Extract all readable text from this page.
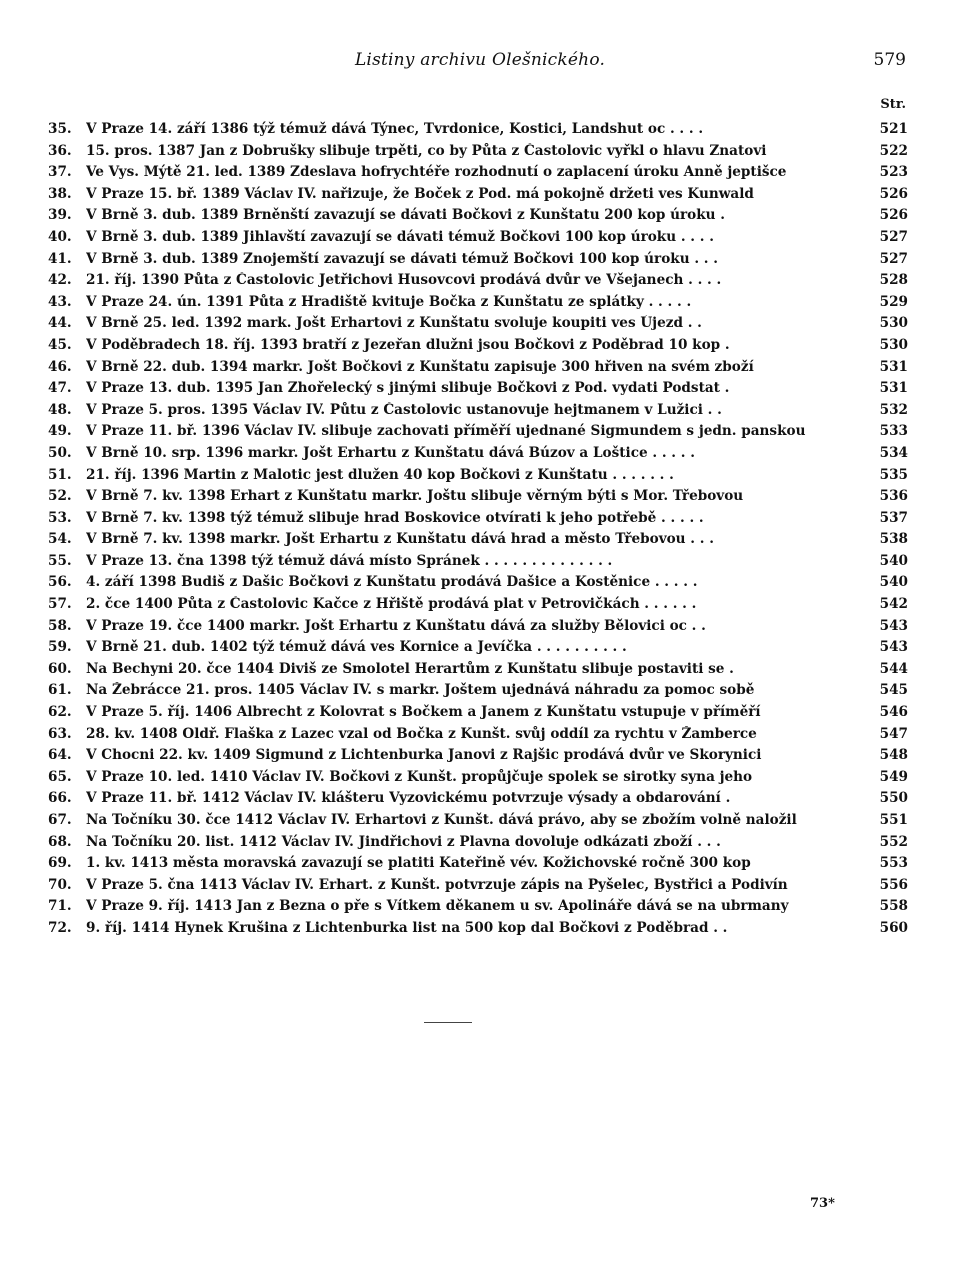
Listiny archivu Olešnického.	579
Str.
35.	V Praze 14. září 1386 týž témuž dává Týnec, Tvrdonice, Kostici, Landshut oc . . . .	521
36.	15. pros. 1387 Jan z Dobrušky slibuje trpěti, co by Půta z Častolovic vyřkl o hlavu Znatovi	522
37.	Ve Vys. Mýtě 21. led. 1389 Zdeslava hofrychtéře rozhodnutí o zaplacení úroku Anně jeptišce	523
38.	V Praze 15. bř. 1389 Václav IV. nařizuje, že Boček z Pod. má pokojně držeti ves Kunwald	526
39.	V Brně 3. dub. 1389 Brněnští zavazují se dávati Bočkovi z Kunštatu 200 kop úroku .	526
40.	V Brně 3. dub. 1389 Jihlavští zavazují se dávati témuž Bočkovi 100 kop úroku . . . .	527
41.	V Brně 3. dub. 1389 Znojemští zavazují se dávati témuž Bočkovi 100 kop úroku . . .	527
42.	21. říj. 1390 Půta z Častolovic Jetřichovi Husovcovi prodává dvůr ve Všejanech . . . .	528
43.	V Praze 24. ún. 1391 Půta z Hradiště kvituje Bočka z Kunštatu ze splátky . . . . .	529
44.	V Brně 25. led. 1392 mark. Jošt Erhartovi z Kunštatu svoluje koupiti ves Újezd . .	530
45.	V Poděbradech 18. říj. 1393 bratří z Jezeřan dlužni jsou Bočkovi z Poděbrad 10 kop .	530
46.	V Brně 22. dub. 1394 markr. Jošt Bočkovi z Kunštatu zapisuje 300 hřiven na svém zboží	531
47.	V Praze 13. dub. 1395 Jan Zhořelecký s jinými slibuje Bočkovi z Pod. vydati Podstat .	531
48.	V Praze 5. pros. 1395 Václav IV. Půtu z Častolovic ustanovuje hejtmanem v Lužici . .	532
49.	V Praze 11. bř. 1396 Václav IV. slibuje zachovati příměří ujednané Sigmundem s jedn. panskou	533
50.	V Brně 10. srp. 1396 markr. Jošt Erhartu z Kunštatu dává Búzov a Loštice . . . . .	534
51.	21. říj. 1396 Martin z Malotic jest dlužen 40 kop Bočkovi z Kunštatu . . . . . . .	535
52.	V Brně 7. kv. 1398 Erhart z Kunštatu markr. Joštu slibuje věrným býti s Mor. Třebovou	536
53.	V Brně 7. kv. 1398 týž témuž slibuje hrad Boskovice otvírati k jeho potřebě . . . . .	537
54.	V Brně 7. kv. 1398 markr. Jošt Erhartu z Kunštatu dává hrad a město Třebovou . . .	538
55.	V Praze 13. čna 1398 týž témuž dává místo Spránek . . . . . . . . . . . . . .	540
56.	4. září 1398 Budiš z Dašic Bočkovi z Kunštatu prodává Dašice a Kostěnice . . . . .	540
57.	2. čce 1400 Půta z Častolovic Kačce z Hřiště prodává plat v Petrovičkách . . . . . .	542
58.	V Praze 19. čce 1400 markr. Jošt Erhartu z Kunštatu dává za služby Bělovici oc . .	543
59.	V Brně 21. dub. 1402 týž témuž dává ves Kornice a Jevíčka . . . . . . . . . .	543
60.	Na Bechyni 20. čce 1404 Diviš ze Smolotel Herartům z Kunštatu slibuje postaviti se .	544
61.	Na Žebrácce 21. pros. 1405 Václav IV. s markr. Joštem ujednává náhradu za pomoc sobě	545
62.	V Praze 5. říj. 1406 Albrecht z Kolovrat s Bočkem a Janem z Kunštatu vstupuje v příměří	546
63.	28. kv. 1408 Oldř. Flaška z Lazec vzal od Bočka z Kunšt. svůj oddíl za rychtu v Žamberce	547
64.	V Chocni 22. kv. 1409 Sigmund z Lichtenburka Janovi z Rajšic prodává dvůr ve Skorynici	548
65.	V Praze 10. led. 1410 Václav IV. Bočkovi z Kunšt. propůjčuje spolek se sirotky syna jeho	549
66.	V Praze 11. bř. 1412 Václav IV. klášteru Vyzovickému potvrzuje výsady a obdarování .	550
67.	Na Točníku 30. čce 1412 Václav IV. Erhartovi z Kunšt. dává právo, aby se zbožím volně naložil	551
68.	Na Točníku 20. list. 1412 Václav IV. Jindřichovi z Plavna dovoluje odkázati zboží . . .	552
69.	1. kv. 1413 města moravská zavazují se platiti Kateřině vév. Kožichovské ročně 300 kop	553
70.	V Praze 5. čna 1413 Václav IV. Erhart. z Kunšt. potvrzuje zápis na Pyšelec, Bystřici a Podivín	556
71.	V Praze 9. říj. 1413 Jan z Bezna o pře s Vítkem děkanem u sv. Apolináře dává se na ubrmany	558
72.	9. říj. 1414 Hynek Krušina z Lichtenburka list na 500 kop dal Bočkovi z Poděbrad . .	560
73*
